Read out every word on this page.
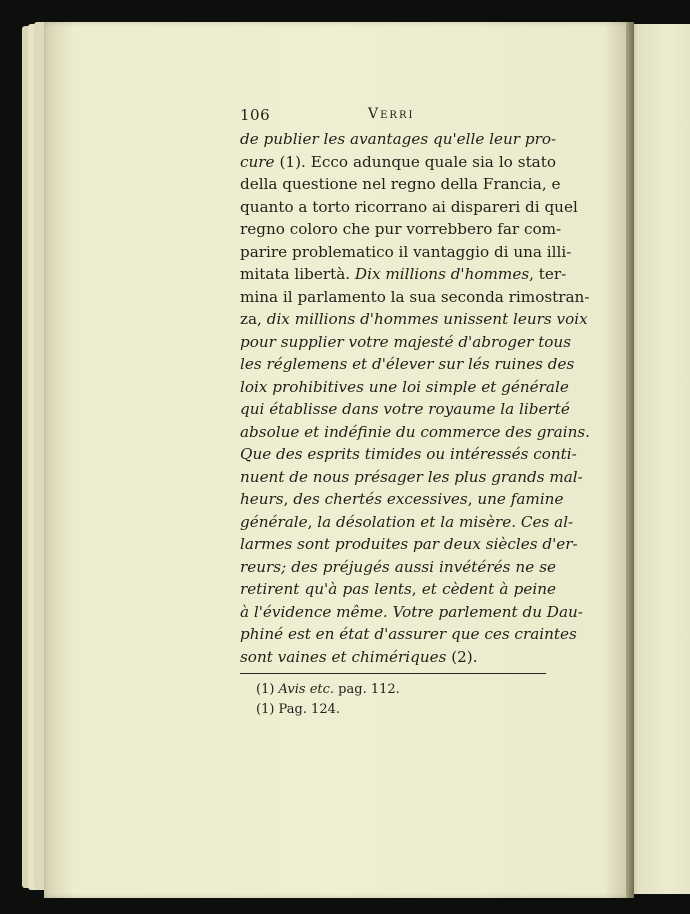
106	Verri
de publier les avantages qu'elle leur pro-
cure (1). Ecco adunque quale sia lo stato
della questione nel regno della Francia, e
quanto a torto ricorrano ai dispareri di quel
regno coloro che pur vorrebbero far com-
parire problematico il vantaggio di una illi-
mitata libertà. Dix millions d'hommes, ter-
mina il parlamento la sua seconda rimostran-
za, dix millions d'hommes unissent leurs voix
pour supplier votre majesté d'abroger tous
les réglemens et d'élever sur lés ruines des
loix prohibitives une loi simple et générale
qui établisse dans votre royaume la liberté
absolue et indéfinie du commerce des grains.
Que des esprits timides ou intéressés conti-
nuent de nous présager les plus grands mal-
heurs, des chertés excessives, une famine
générale, la désolation et la misère. Ces al-
larmes sont produites par deux siècles d'er-
reurs; des préjugés aussi invétérés ne se
retirent qu'à pas lents, et cèdent à peine
à l'évidence même. Votre parlement du Dau-
phiné est en état d'assurer que ces craintes
sont vaines et chimériques (2).
(1) Avis etc. pag. 112.
(1) Pag. 124.
